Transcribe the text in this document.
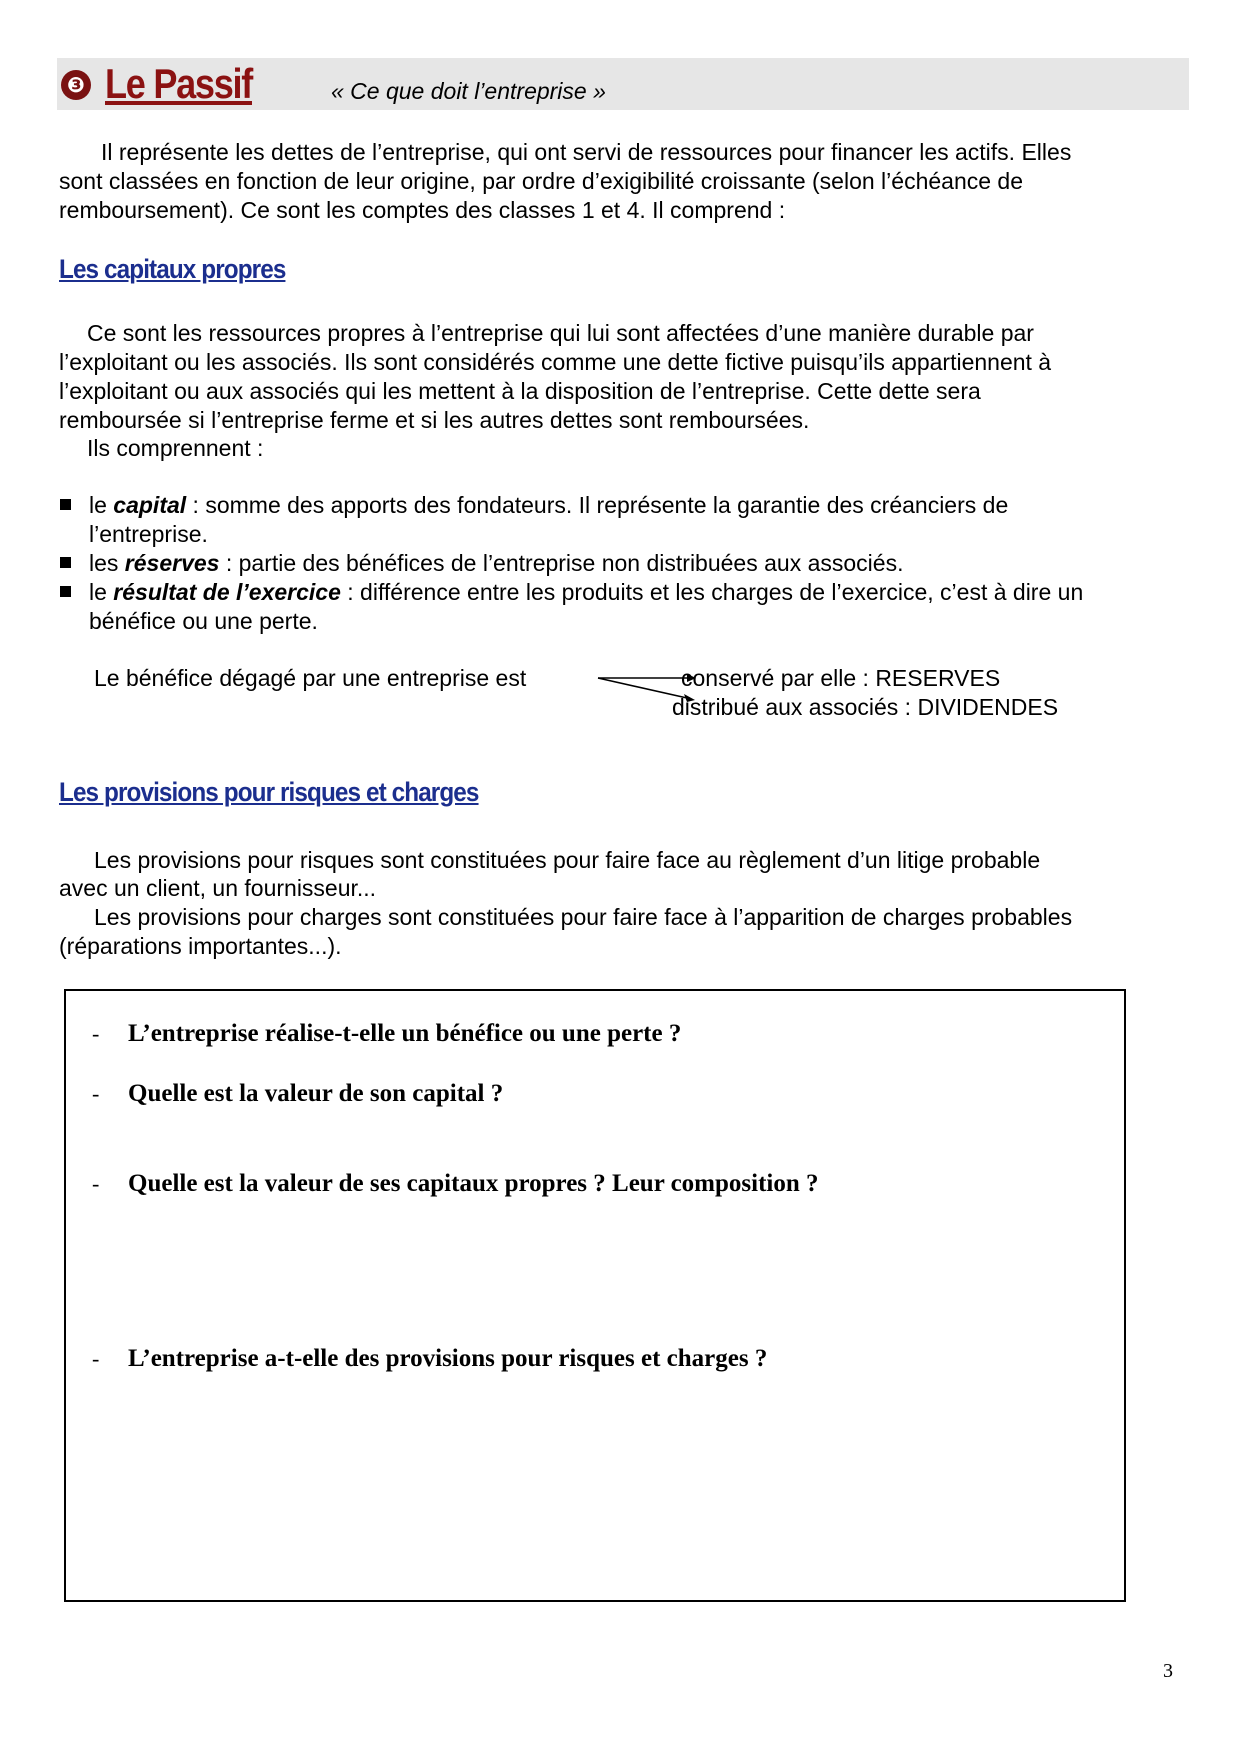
❸ Le Passif	« Ce que doit l’entreprise »
Il représente les dettes de l’entreprise, qui ont servi de ressources pour financer les actifs. Elles
sont classées en fonction de leur origine, par ordre d’exigibilité croissante (selon l’échéance de
remboursement). Ce sont les comptes des classes 1 et 4. Il comprend :
Les capitaux propres
Ce sont les ressources propres à l’entreprise qui lui sont affectées d’une manière durable par
l’exploitant ou les associés. Ils sont considérés comme une dette fictive puisqu’ils appartiennent à
l’exploitant ou aux associés qui les mettent à la disposition de l’entreprise. Cette dette sera
remboursée si l’entreprise ferme et si les autres dettes sont remboursées.
Ils comprennent :
le capital : somme des apports des fondateurs. Il représente la garantie des créanciers de
l’entreprise.
les réserves : partie des bénéfices de l’entreprise non distribuées aux associés.
le résultat de l’exercice : différence entre les produits et les charges de l’exercice, c’est à dire un
bénéfice ou une perte.
Le bénéfice dégagé par une entreprise est	conservé par elle : RESERVES
distribué aux associés : DIVIDENDES
Les provisions pour risques et charges
Les provisions pour risques sont constituées pour faire face au règlement d’un litige probable
avec un client, un fournisseur...
Les provisions pour charges sont constituées pour faire face à l’apparition de charges probables
(réparations importantes...).
- L’entreprise réalise-t-elle un bénéfice ou une perte ?
- Quelle est la valeur de son capital ?
- Quelle est la valeur de ses capitaux propres ? Leur composition ?
- L’entreprise a-t-elle des provisions pour risques et charges ?
3
